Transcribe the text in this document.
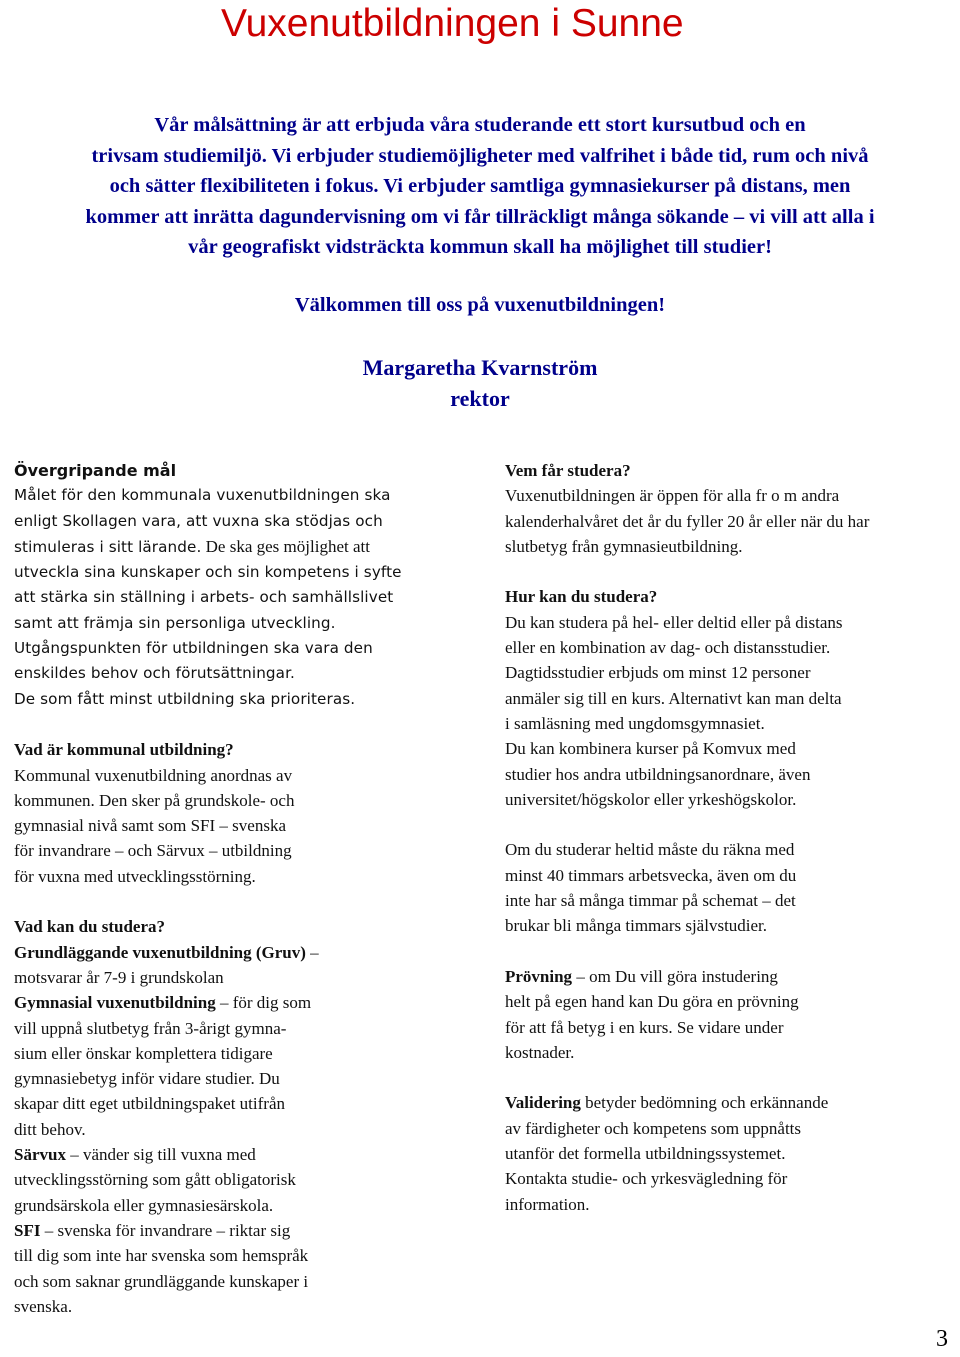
Vuxenutbildningen i Sunne

Vår målsättning är att erbjuda våra studerande ett stort kursutbud och en

trivsam studiemiljö. Vi erbjuder studiemöjligheter med valfrihet i både tid, rum och nivå

och sätter flexibiliteten i fokus. Vi erbjuder samtliga gymnasiekurser på distans, men

kommer att inrätta dagundervisning om vi får tillräckligt många sökande – vi vill att alla i

vår geografiskt vidsträckta kommun skall ha möjlighet till studier!

Välkommen till oss på vuxenutbildningen!
Margaretha Kvarnström
rektor
Övergripande mål
Målet för den kommunala vuxenutbildningen ska
enligt Skollagen vara, att vuxna ska stödjas och
stimuleras i sitt lärande. De ska ges möjlighet att
utveckla sina kunskaper och sin kompetens i syfte
att stärka sin ställning i arbets- och samhällslivet
samt att främja sin personliga utveckling.
Utgångspunkten för utbildningen ska vara den
enskildes behov och förutsättningar.
De som fått minst utbildning ska prioriteras.
Vad är kommunal utbildning?
Kommunal vuxenutbildning anordnas av
kommunen. Den sker på grundskole- och
gymnasial nivå samt som SFI – svenska
för invandrare – och Särvux – utbildning
för vuxna med utvecklingsstörning.
Vad kan du studera?
Grundläggande vuxenutbildning (Gruv) –
motsvarar år 7-9 i grundskolan
Gymnasial vuxenutbildning – för dig som
vill uppnå slutbetyg från 3-årigt gymna-
sium eller önskar komplettera tidigare
gymnasiebetyg inför vidare studier. Du
skapar ditt eget utbildningspaket utifrån
ditt behov.
Särvux – vänder sig till vuxna med
utvecklingsstörning som gått obligatorisk
grundsärskola eller gymnasiesärskola.
SFI – svenska för invandrare – riktar sig
till dig som inte har svenska som hemspråk
och som saknar grundläggande kunskaper i
svenska.
Vem får studera?
Vuxenutbildningen är öppen för alla fr o m andra
kalenderhalvåret det år du fyller 20 år eller när du har
slutbetyg från gymnasieutbildning.
Hur kan du studera?
Du kan studera på hel- eller deltid eller på distans
eller en kombination av dag- och distansstudier.
Dagtidsstudier erbjuds om minst 12 personer
anmäler sig till en kurs. Alternativt kan man delta
i samläsning med ungdomsgymnasiet.
Du kan kombinera kurser på Komvux med
studier hos andra utbildningsanordnare, även
universitet/högskolor eller yrkeshögskolor.
Om du studerar heltid måste du räkna med
minst 40 timmars arbetsvecka, även om du
inte har så många timmar på schemat – det
brukar bli många timmars självstudier.
Prövning – om Du vill göra instudering
helt på egen hand kan Du göra en prövning
för att få betyg i en kurs. Se vidare under
kostnader.
Validering betyder bedömning och erkännande
av färdigheter och kompetens som uppnåtts
utanför det formella utbildningssystemet.
Kontakta studie- och yrkesvägledning för
information.
3
